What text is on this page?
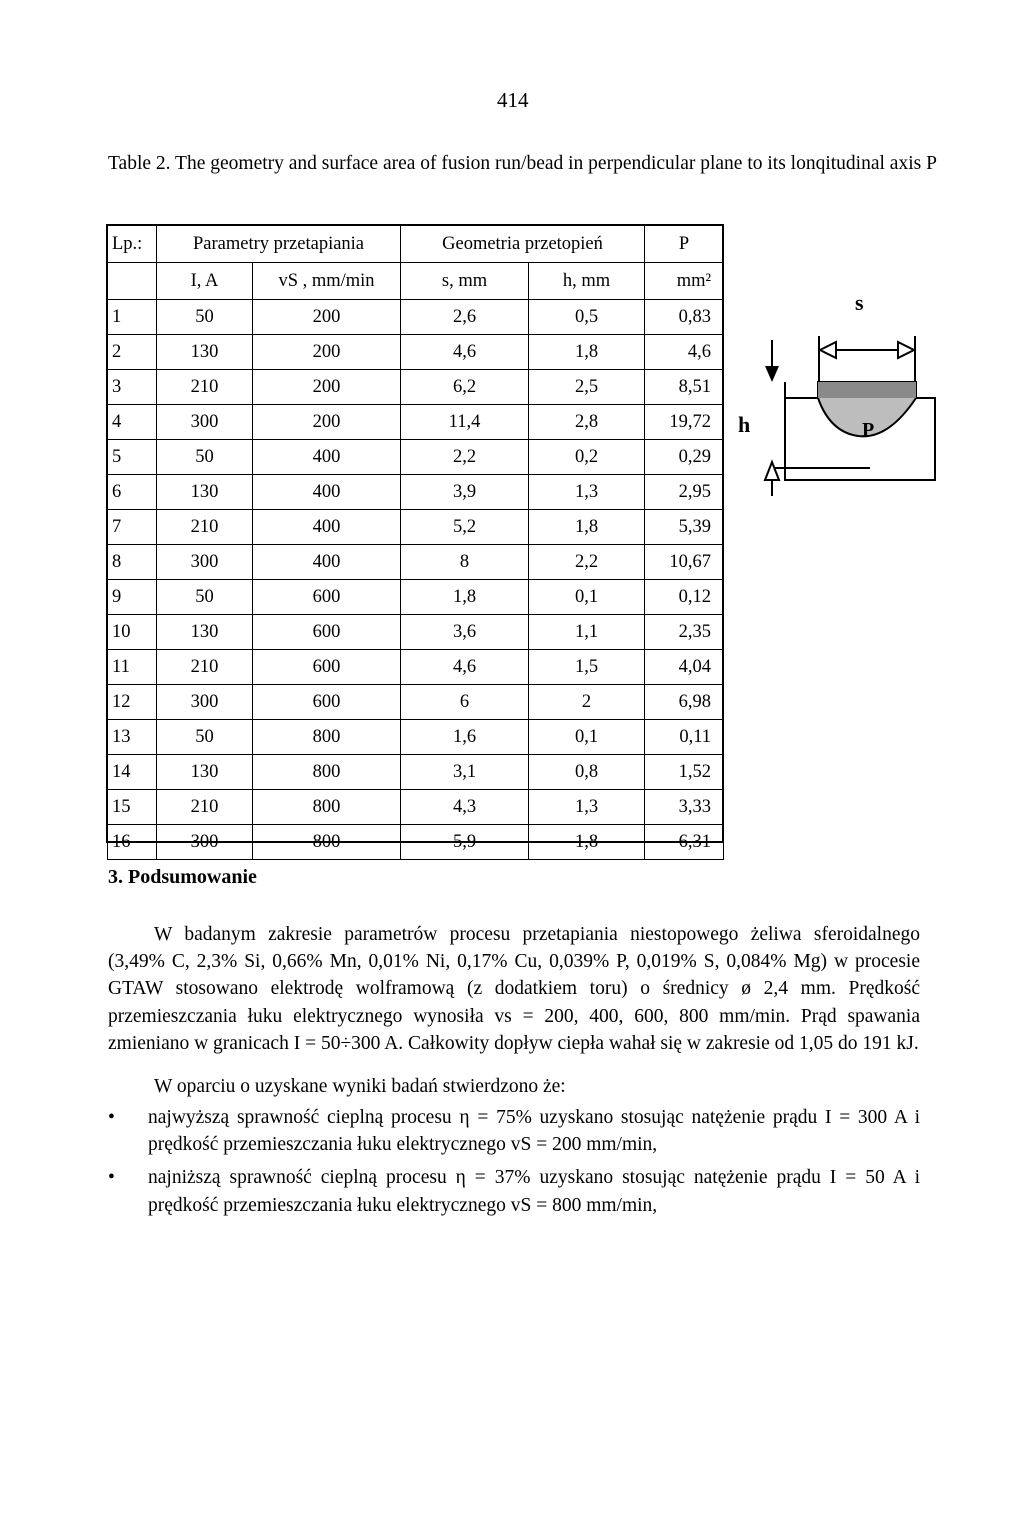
414
Table 2. The geometry and surface area of fusion run/bead in perpendicular plane to its lonqitudinal axis P
Lp.:	Parametry przetapiania		Geometria przetopień		P
	I, A	vS , mm/min	s, mm	h, mm	mm²
1	50	200	2,6	0,5	0,83
2	130	200	4,6	1,8	4,6
3	210	200	6,2	2,5	8,51
4	300	200	11,4	2,8	19,72
5	50	400	2,2	0,2	0,29
6	130	400	3,9	1,3	2,95
7	210	400	5,2	1,8	5,39
8	300	400	8	2,2	10,67
9	50	600	1,8	0,1	0,12
10	130	600	3,6	1,1	2,35
11	210	600	4,6	1,5	4,04
12	300	600	6	2	6,98
13	50	800	1,6	0,1	0,11
14	130	800	3,1	0,8	1,52
15	210	800	4,3	1,3	3,33
16	300	800	5,9	1,8	6,31
s
h	P
3. Podsumowanie

W badanym zakresie parametrów procesu przetapiania niestopowego żeliwa sferoidalnego (3,49% C, 2,3% Si, 0,66% Mn, 0,01% Ni, 0,17% Cu, 0,039% P, 0,019% S, 0,084% Mg) w procesie GTAW stosowano elektrodę wolframową (z dodatkiem toru) o średnicy ø 2,4 mm. Prędkość przemieszczania łuku elektrycznego wynosiła vs = 200, 400, 600, 800 mm/min. Prąd spawania zmieniano w granicach I = 50÷300 A. Całkowity dopływ ciepła wahał się w zakresie od 1,05 do 191 kJ.

W oparciu o uzyskane wyniki badań stwierdzono że:

• najwyższą sprawność cieplną procesu η = 75% uzyskano stosując natężenie prądu I = 300 A i prędkość przemieszczania łuku elektrycznego vS = 200 mm/min,
• najniższą sprawność cieplną procesu η = 37% uzyskano stosując natężenie prądu I = 50 A i prędkość przemieszczania łuku elektrycznego vS = 800 mm/min,
